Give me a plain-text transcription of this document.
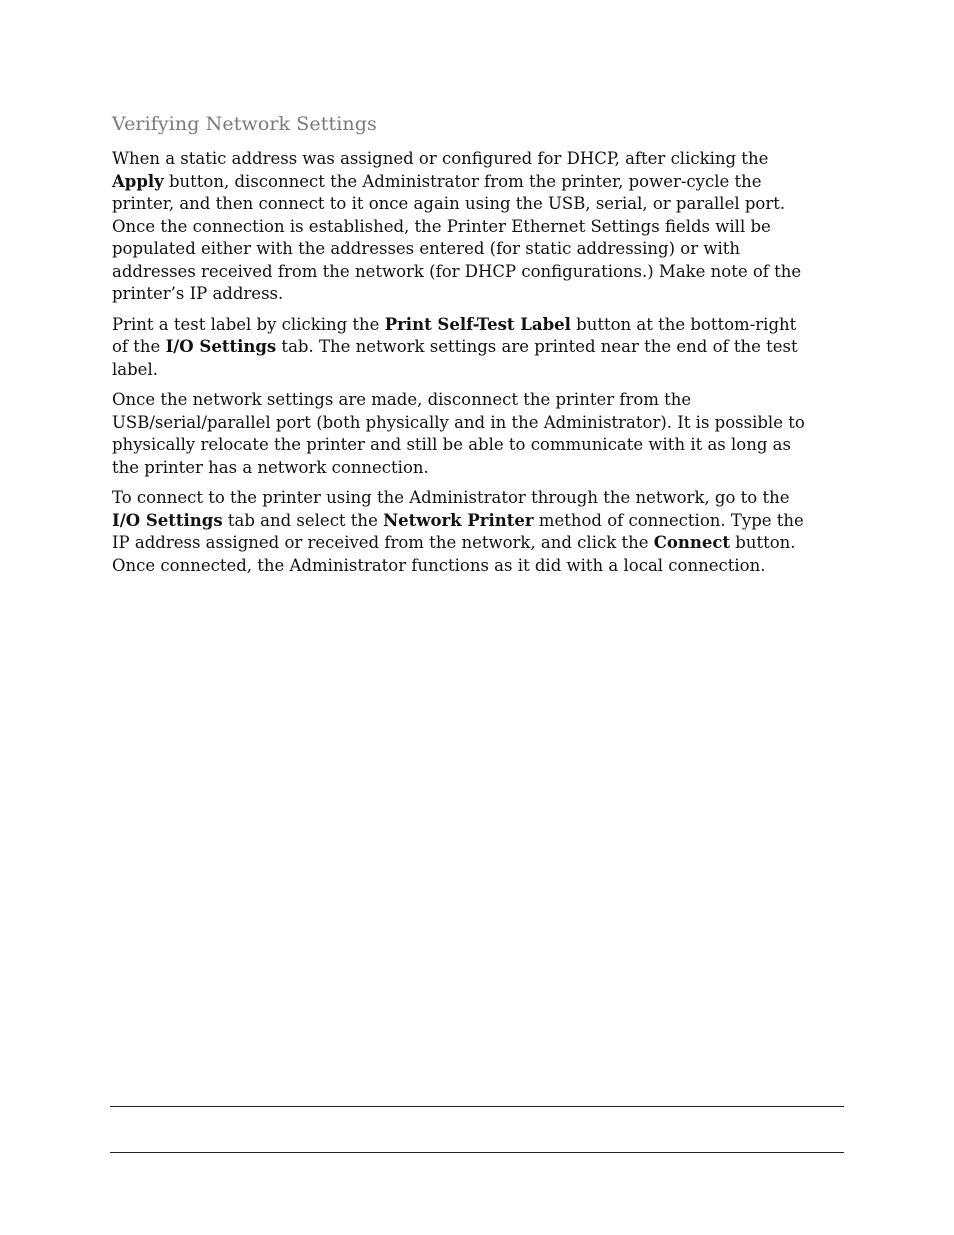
Verifying Network Settings

When a static address was assigned or configured for DHCP, after clicking the
Apply button, disconnect the Administrator from the printer, power-cycle the
printer, and then connect to it once again using the USB, serial, or parallel port.
Once the connection is established, the Printer Ethernet Settings fields will be
populated either with the addresses entered (for static addressing) or with
addresses received from the network (for DHCP configurations.) Make note of the
printer’s IP address.

Print a test label by clicking the Print Self-Test Label button at the bottom-right
of the I/O Settings tab. The network settings are printed near the end of the test
label.

Once the network settings are made, disconnect the printer from the
USB/serial/parallel port (both physically and in the Administrator). It is possible to
physically relocate the printer and still be able to communicate with it as long as
the printer has a network connection.

To connect to the printer using the Administrator through the network, go to the
I/O Settings tab and select the Network Printer method of connection. Type the
IP address assigned or received from the network, and click the Connect button.
Once connected, the Administrator functions as it did with a local connection.
